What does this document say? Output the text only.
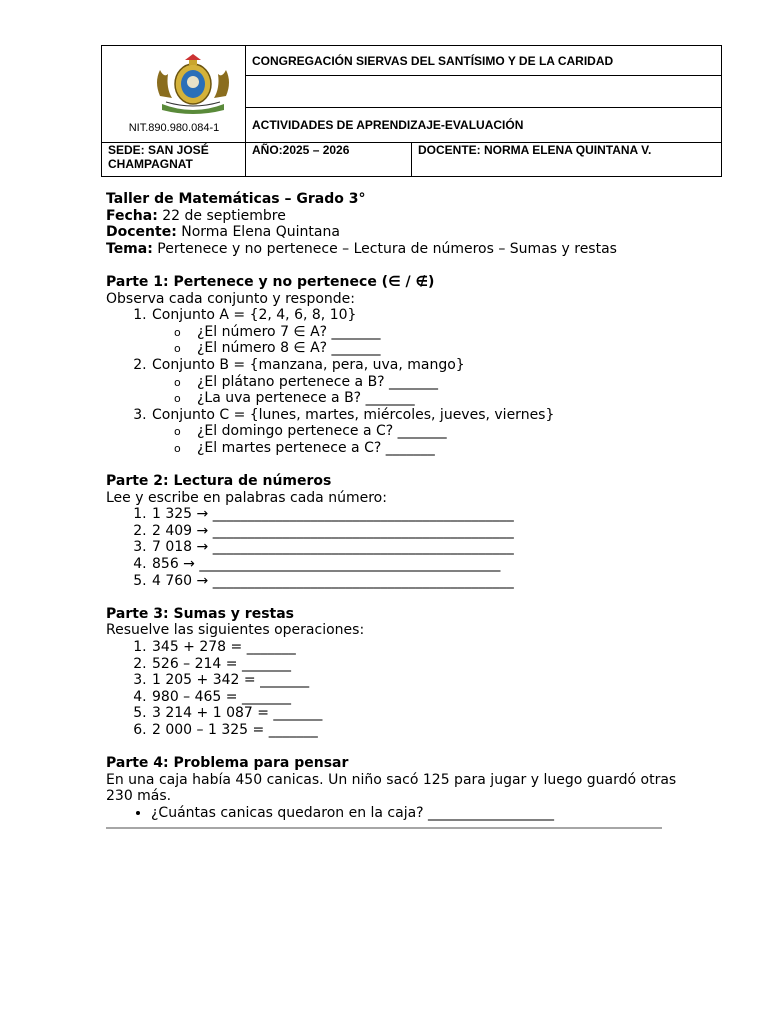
NIT.890.980.084-1
CONGREGACIÓN SIERVAS DEL SANTÍSIMO Y DE LA CARIDAD
ACTIVIDADES DE APRENDIZAJE-EVALUACIÓN
SEDE: SAN JOSÉ CHAMPAGNAT
AÑO:2025 – 2026	DOCENTE: NORMA ELENA QUINTANA V.

Taller de Matemáticas – Grado 3°

Fecha: 22 de septiembre

Docente: Norma Elena Quintana

Tema: Pertenece y no pertenece – Lectura de números – Sumas y restas

Parte 1: Pertenece y no pertenece (∈ / ∉)

Observa cada conjunto y responde:

1. Conjunto A = {2, 4, 6, 8, 10}
o ¿El número 7 ∈ A? _______
o ¿El número 8 ∈ A? _______
2. Conjunto B = {manzana, pera, uva, mango}
o ¿El plátano pertenece a B? _______
o ¿La uva pertenece a B? _______
3. Conjunto C = {lunes, martes, miércoles, jueves, viernes}
o ¿El domingo pertenece a C? _______
o ¿El martes pertenece a C? _______

Parte 2: Lectura de números

Lee y escribe en palabras cada número:

1. 1 325 → ___________________________________________
2. 2 409 → ___________________________________________
3. 7 018 → ___________________________________________
4. 856 → ___________________________________________
5. 4 760 → ___________________________________________

Parte 3: Sumas y restas

Resuelve las siguientes operaciones:

1. 345 + 278 = _______
2. 526 – 214 = _______
3. 1 205 + 342 = _______
4. 980 – 465 = _______
5. 3 214 + 1 087 = _______
6. 2 000 – 1 325 = _______

Parte 4: Problema para pensar

En una caja había 450 canicas. Un niño sacó 125 para jugar y luego guardó otras 230 más.

• ¿Cuántas canicas quedaron en la caja? __________________
